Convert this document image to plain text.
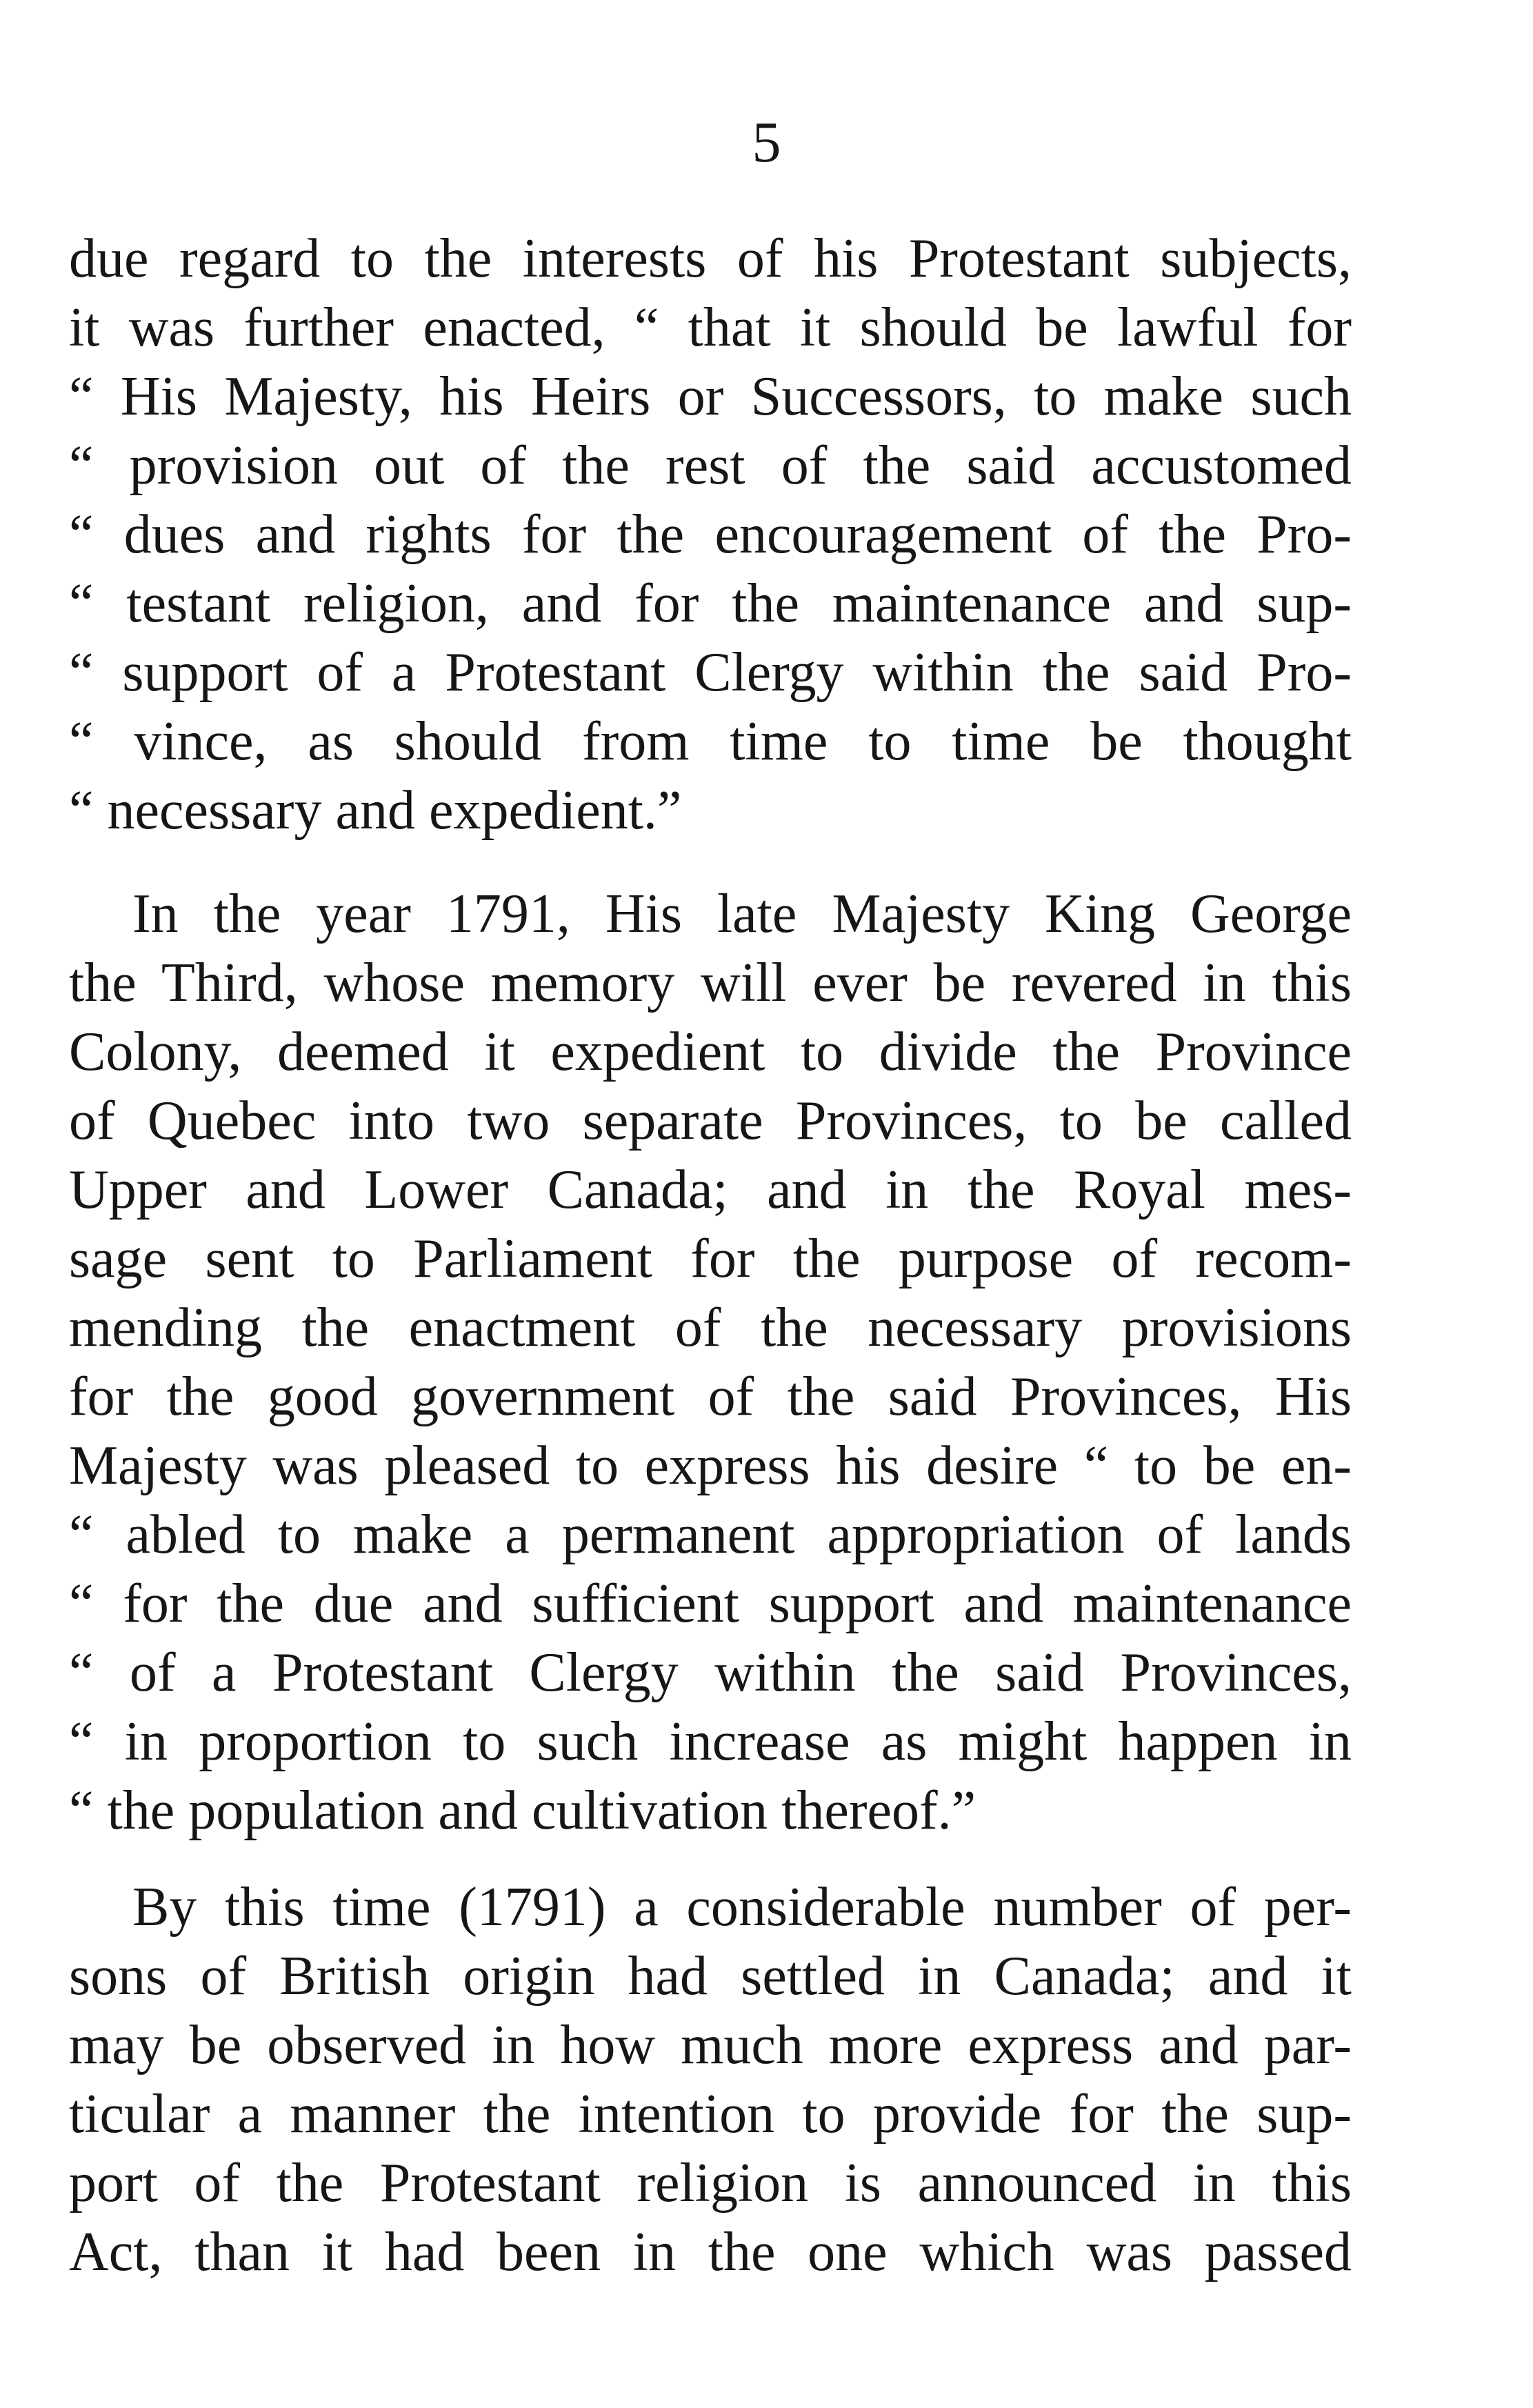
5
due regard to the interests of his Protestant subjects,
it was further enacted, “ that it should be lawful for
“ His Majesty, his Heirs or Successors, to make such
“ provision out of the rest of the said accustomed
“ dues and rights for the encouragement of the Pro-
“ testant religion, and for the maintenance and sup-
“ support of a Protestant Clergy within the said Pro-
“ vince, as should from time to time be thought
“ necessary and expedient.”
In the year 1791, His late Majesty King George
the Third, whose memory will ever be revered in this
Colony, deemed it expedient to divide the Province
of Quebec into two separate Provinces, to be called
Upper and Lower Canada; and in the Royal mes-
sage sent to Parliament for the purpose of recom-
mending the enactment of the necessary provisions
for the good government of the said Provinces, His
Majesty was pleased to express his desire “ to be en-
“ abled to make a permanent appropriation of lands
“ for the due and sufficient support and maintenance
“ of a Protestant Clergy within the said Provinces,
“ in proportion to such increase as might happen in
“ the population and cultivation thereof.”
By this time (1791) a considerable number of per-
sons of British origin had settled in Canada; and it
may be observed in how much more express and par-
ticular a manner the intention to provide for the sup-
port of the Protestant religion is announced in this
Act, than it had been in the one which was passed
